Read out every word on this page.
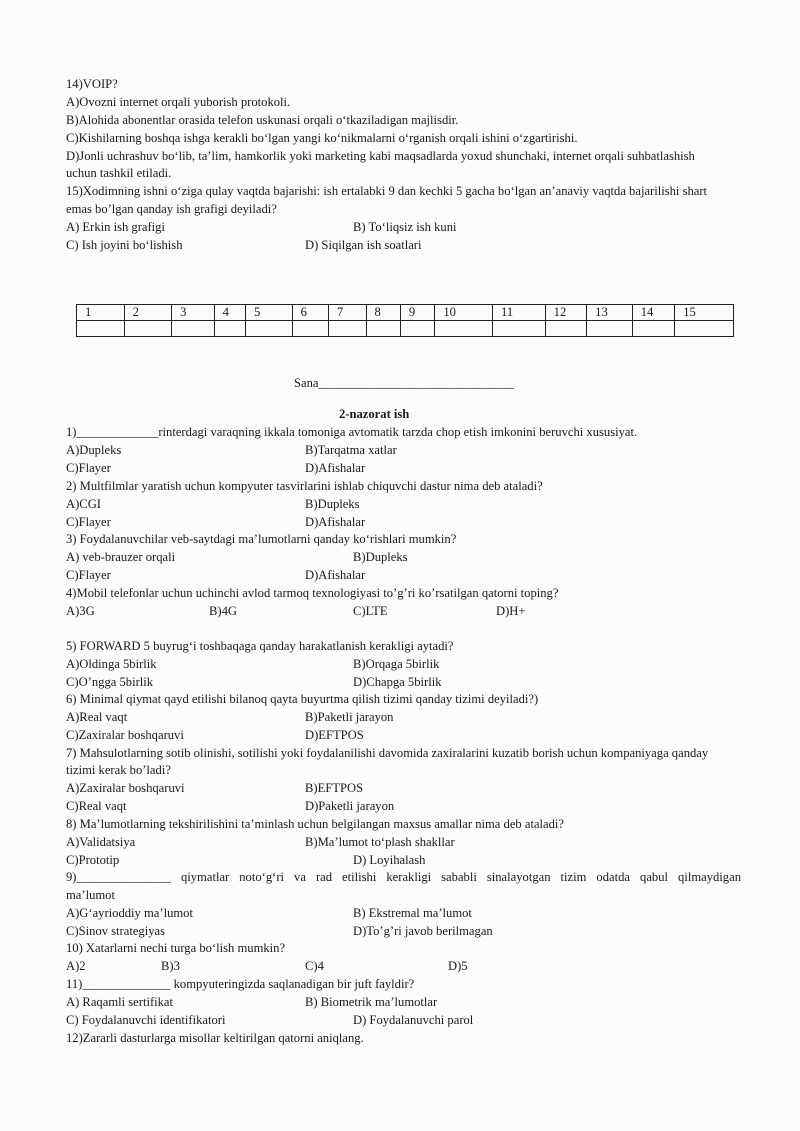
14)VOIP?
A)Ovozni internet orqali yuborish protokoli.
B)Alohida abonentlar orasida telefon uskunasi orqali o‘tkaziladigan majlisdir.
C)Kishilarning boshqa ishga kerakli bo‘lgan yangi ko‘nikmalarni o‘rganish orqali ishini o‘zgartirishi.
D)Jonli uchrashuv bo‘lib, ta’lim, hamkorlik yoki marketing kabi maqsadlarda yoxud shunchaki, internet orqali suhbatlashish
uchun tashkil etiladi.
15)Xodimning ishni o‘ziga qulay vaqtda bajarishi: ish ertalabki 9 dan kechki 5 gacha bo‘lgan an’anaviy vaqtda bajarilishi shart
emas bo’lgan qanday ish grafigi deyiladi?
A) Erkin ish grafigi	B) To‘liqsiz ish kuni
C) Ish joyini bo‘lishish	D) Siqilgan ish soatlari
1	2	3	4	5	6	7	8	9	10	11	12	13	14	15

Sana_______________________________
2-nazorat ish
1)_____________rinterdagi varaqning ikkala tomoniga avtomatik tarzda chop etish imkonini beruvchi xususiyat.
A)Dupleks	B)Tarqatma xatlar
C)Flayer	D)Afishalar
2) Multfilmlar yaratish uchun kompyuter tasvirlarini ishlab chiquvchi dastur nima deb ataladi?
A)CGI	B)Dupleks
C)Flayer	D)Afishalar
3) Foydalanuvchilar veb-saytdagi ma’lumotlarni qanday ko‘rishlari mumkin?
A) veb-brauzer orqali	B)Dupleks
C)Flayer	D)Afishalar
4)Mobil telefonlar uchun uchinchi avlod tarmoq texnologiyasi to’g’ri ko’rsatilgan qatorni toping?
A)3G	B)4G	C)LTE	D)H+
5) FORWARD 5 buyrug‘i toshbaqaga qanday harakatlanish kerakligi aytadi?
A)Oldinga 5birlik	B)Orqaga 5birlik
C)O’ngga 5birlik	D)Chapga 5birlik
6) Minimal qiymat qayd etilishi bilanoq qayta buyurtma qilish tizimi qanday tizimi deyiladi?)
A)Real vaqt	B)Paketli jarayon
C)Zaxiralar boshqaruvi	D)EFTPOS
7) Mahsulotlarning sotib olinishi, sotilishi yoki foydalanilishi davomida zaxiralarini kuzatib borish uchun kompaniyaga qanday
tizimi kerak bo’ladi?
A)Zaxiralar boshqaruvi	B)EFTPOS
C)Real vaqt	D)Paketli jarayon
8) Ma’lumotlarning tekshirilishini ta’minlash uchun belgilangan maxsus amallar nima deb ataladi?
A)Validatsiya	B)Ma’lumot to‘plash shakllar
C)Prototip	D) Loyihalash
9)_______________ qiymatlar noto‘g‘ri va rad etilishi kerakligi sababli sinalayotgan tizim odatda qabul qilmaydigan
ma’lumot
A)G‘ayrioddiy ma’lumot	B) Ekstremal ma’lumot
C)Sinov strategiyas	D)To’g’ri javob berilmagan
10) Xatarlarni nechi turga bo‘lish mumkin?
A)2	B)3	C)4	D)5
11)______________ kompyuteringizda saqlanadigan bir juft fayldir?
A) Raqamli sertifikat	B) Biometrik ma’lumotlar
C) Foydalanuvchi identifikatori	D) Foydalanuvchi parol
12)Zararli dasturlarga misollar keltirilgan qatorni aniqlang.
